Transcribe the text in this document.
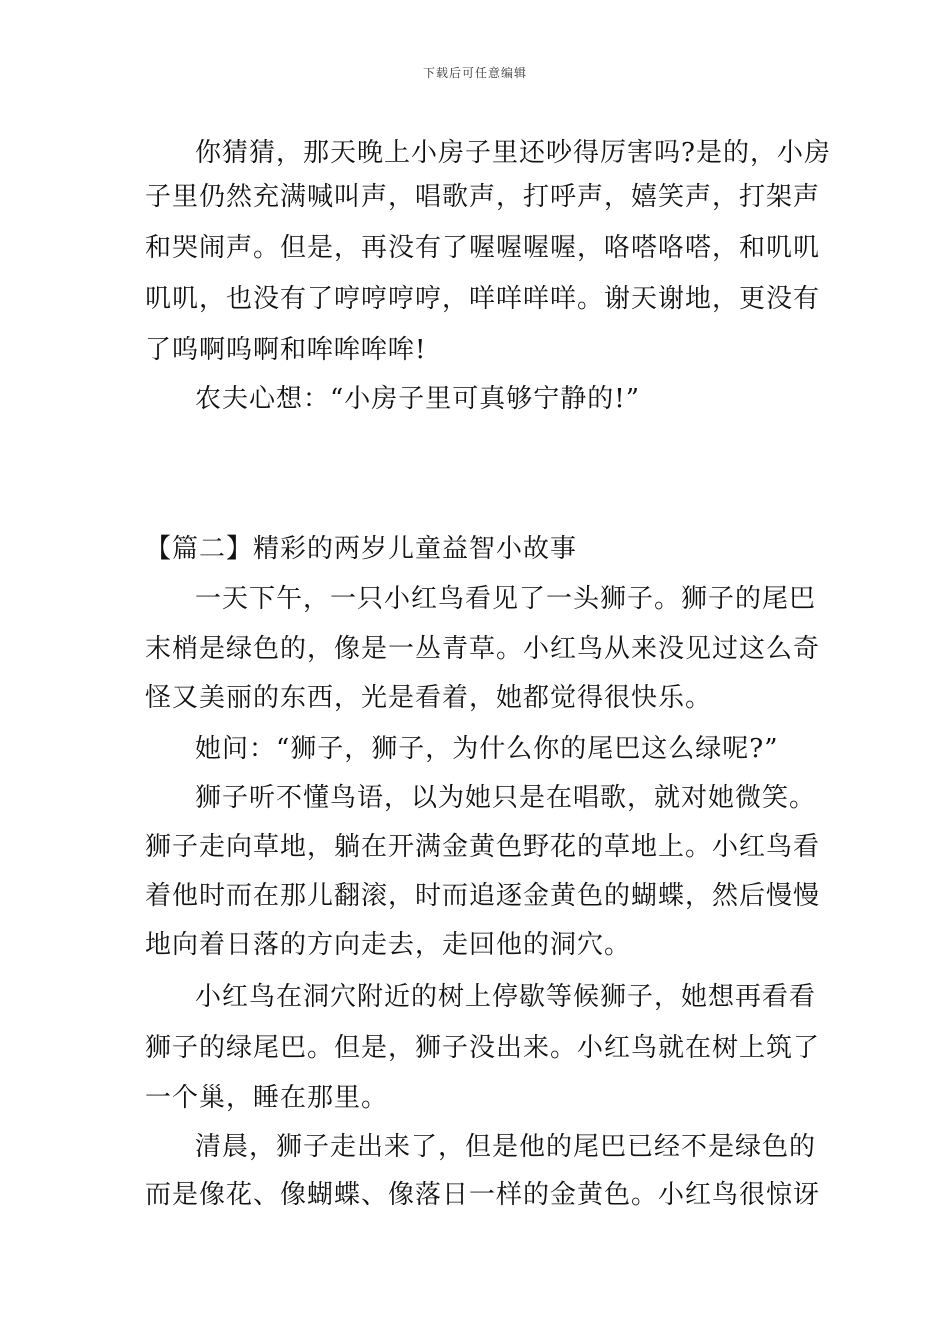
下载后可任意编辑
你猜猜，那天晚上小房子里还吵得厉害吗?是的，小房
子里仍然充满喊叫声，唱歌声，打呼声，嬉笑声，打架声
和哭闹声。但是，再没有了喔喔喔喔，咯嗒咯嗒，和叽叽
叽叽，也没有了哼哼哼哼，咩咩咩咩。谢天谢地，更没有
了呜啊呜啊和哞哞哞哞!
农夫心想：“小房子里可真够宁静的!”
【篇二】精彩的两岁儿童益智小故事
一天下午，一只小红鸟看见了一头狮子。狮子的尾巴
末梢是绿色的，像是一丛青草。小红鸟从来没见过这么奇
怪又美丽的东西，光是看着，她都觉得很快乐。
她问：“狮子，狮子，为什么你的尾巴这么绿呢?”
狮子听不懂鸟语，以为她只是在唱歌，就对她微笑。
狮子走向草地，躺在开满金黄色野花的草地上。小红鸟看
着他时而在那儿翻滚，时而追逐金黄色的蝴蝶，然后慢慢
地向着日落的方向走去，走回他的洞穴。
小红鸟在洞穴附近的树上停歇等候狮子，她想再看看
狮子的绿尾巴。但是，狮子没出来。小红鸟就在树上筑了
一个巢，睡在那里。
清晨，狮子走出来了，但是他的尾巴已经不是绿色的
而是像花、像蝴蝶、像落日一样的金黄色。小红鸟很惊讶
